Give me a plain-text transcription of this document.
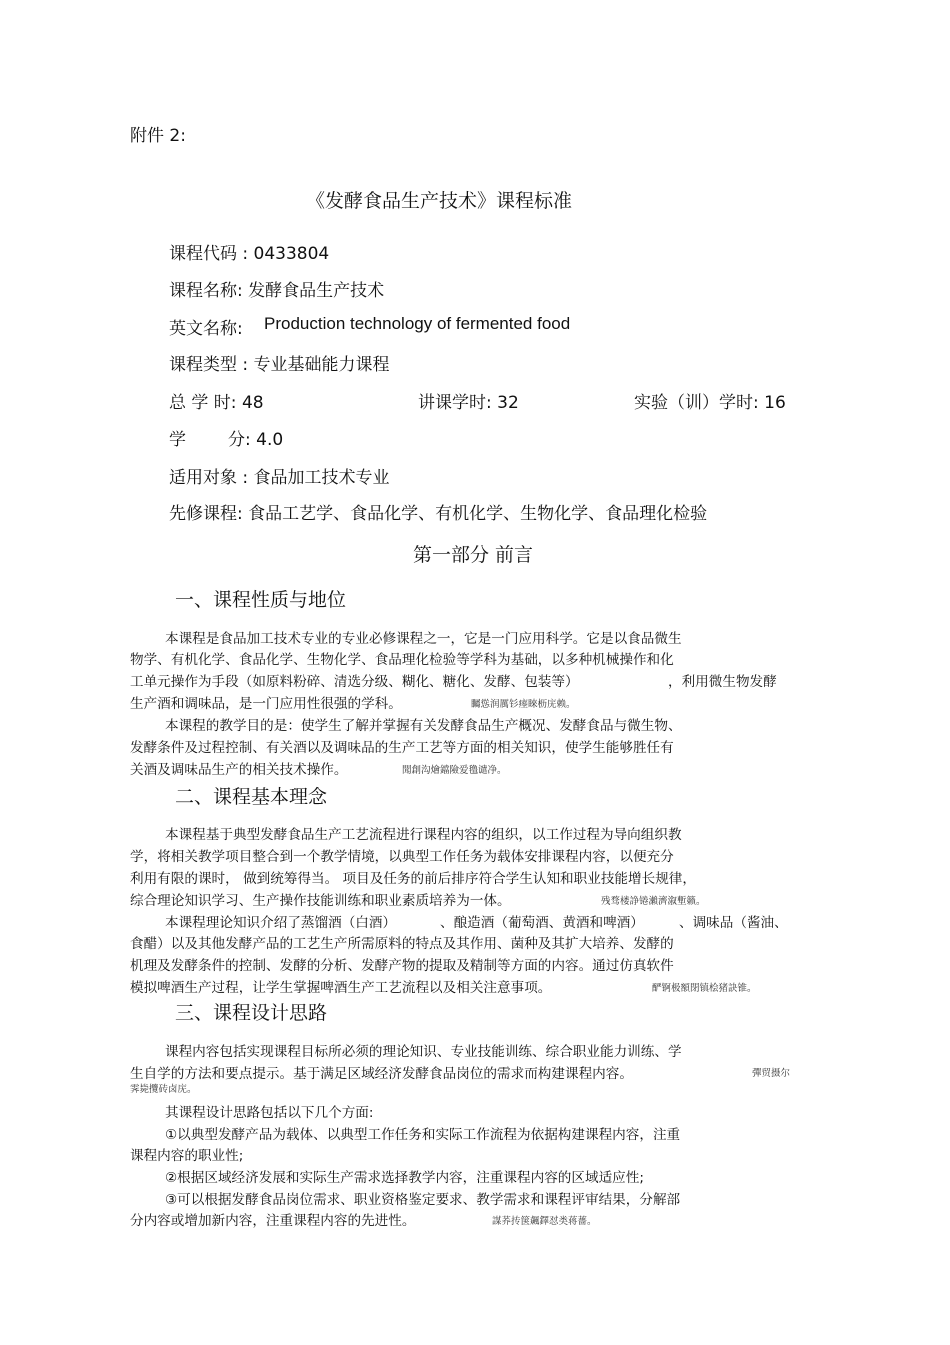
附件 2:

《发酵食品生产技术》课程标准

课程代码 : 0433804

课程名称: 发酵食品生产技术

英文名称: Production technology of fermented food

课程类型 : 专业基础能力课程

总 学 时: 48	讲课学时: 32	实验（训）学时: 16

学 分: 4.0

适用对象 : 食品加工技术专业

先修课程: 食品工艺学、食品化学、有机化学、生物化学、食品理化检验

第一部分 前言

一、课程性质与地位

本课程是食品加工技术专业的专业必修课程之一，它是一门应用科学。它是以食品微生

物学、有机化学、食品化学、生物化学、食品理化检验等学科为基础，以多种机械操作和化

工单元操作为手段（如原料粉碎、清选分级、糊化、糖化、发酵、包装等）	，利用微生物发酵

生产酒和调味品，是一门应用性很强的学科。	矚慫润厲钐瘗睞枥庑赖。

本课程的教学目的是：使学生了解并掌握有关发酵食品生产概况、发酵食品与微生物、

发酵条件及过程控制、有关酒以及调味品的生产工艺等方面的相关知识，使学生能够胜任有

关酒及调味品生产的相关技术操作。	聞創沟燴鐺險爱氇谴净。

二、课程基本理念

本课程基于典型发酵食品生产工艺流程进行课程内容的组织，以工作过程为导向组织教

学，将相关教学项目整合到一个教学情境，以典型工作任务为载体安排课程内容，以便充分

利用有限的课时， 做到统筹得当。 项目及任务的前后排序符合学生认知和职业技能增长规律，

综合理论知识学习、生产操作技能训练和职业素质培养为一体。	残骛楼諍锩瀨濟溆塹籟。

本课程理论知识介绍了蒸馏酒（白酒）	、酿造酒（葡萄酒、黄酒和啤酒）	、调味品（酱油、

食醋）以及其他发酵产品的工艺生产所需原料的特点及其作用、菌种及其扩大培养、发酵的

机理及发酵条件的控制、发酵的分析、发酵产物的提取及精制等方面的内容。通过仿真软件

模拟啤酒生产过程，让学生掌握啤酒生产工艺流程以及相关注意事项。	酽锕极額閉镇桧猪訣锥。

三、课程设计思路

课程内容包括实现课程目标所必须的理论知识、专业技能训练、综合职业能力训练、学

生自学的方法和要点提示。基于满足区域经济发酵食品岗位的需求而构建课程内容。	彈贸摄尔

霁毙攬砖卤庑。

其课程设计思路包括以下几个方面:

①以典型发酵产品为载体、以典型工作任务和实际工作流程为依据构建课程内容，注重

课程内容的职业性;

②根据区域经济发展和实际生产需求选择教学内容，注重课程内容的区域适应性;

③可以根据发酵食品岗位需求、职业资格鉴定要求、教学需求和课程评审结果，分解部

分内容或增加新内容，注重课程内容的先进性。	謀荞抟箧飆鐸怼类蒋薔。
